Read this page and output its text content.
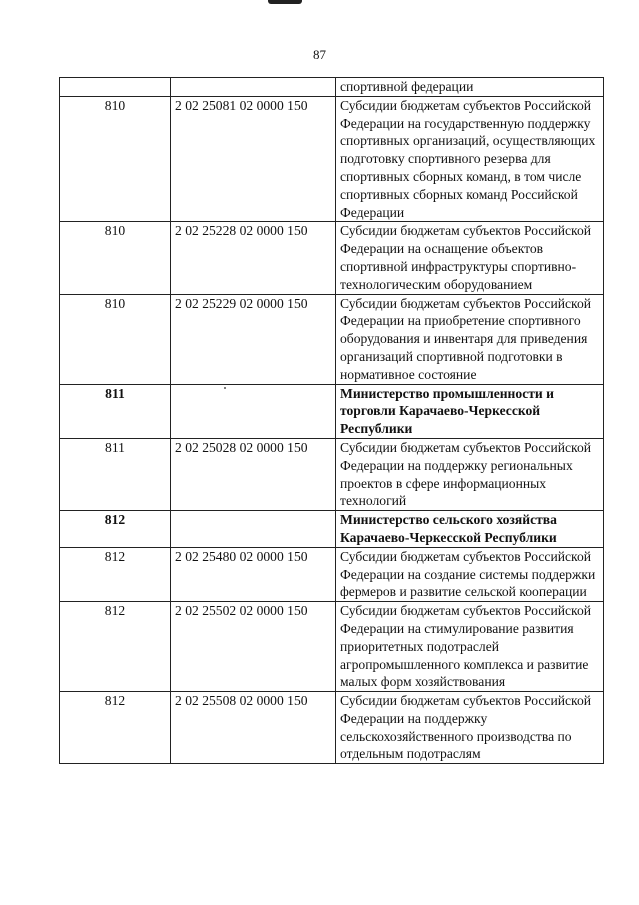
87
		спортивной федерации
810	2 02 25081 02 0000 150	Субсидии бюджетам субъектов Российской Федерации на государственную поддержку спортивных организаций, осуществляющих подготовку спортивного резерва для спортивных сборных команд, в том числе спортивных сборных команд Российской Федерации
810	2 02 25228 02 0000 150	Субсидии бюджетам субъектов Российской Федерации на оснащение объектов спортивной инфраструктуры спортивно-технологическим оборудованием
810	2 02 25229 02 0000 150	Субсидии бюджетам субъектов Российской Федерации на приобретение спортивного оборудования и инвентаря для приведения организаций спортивной подготовки в нормативное состояние
811		Министерство промышленности и торговли Карачаево-Черкесской Республики
811	2 02 25028 02 0000 150	Субсидии бюджетам субъектов Российской Федерации на поддержку региональных проектов в сфере информационных технологий
812		Министерство сельского хозяйства Карачаево-Черкесской Республики
812	2 02 25480 02 0000 150	Субсидии бюджетам субъектов Российской Федерации на создание системы поддержки фермеров и развитие сельской кооперации
812	2 02 25502 02 0000 150	Субсидии бюджетам субъектов Российской Федерации на стимулирование развития приоритетных подотраслей агропромышленного комплекса и развитие малых форм хозяйствования
812	2 02 25508 02 0000 150	Субсидии бюджетам субъектов Российской Федерации на поддержку сельскохозяйственного производства по отдельным подотраслям
